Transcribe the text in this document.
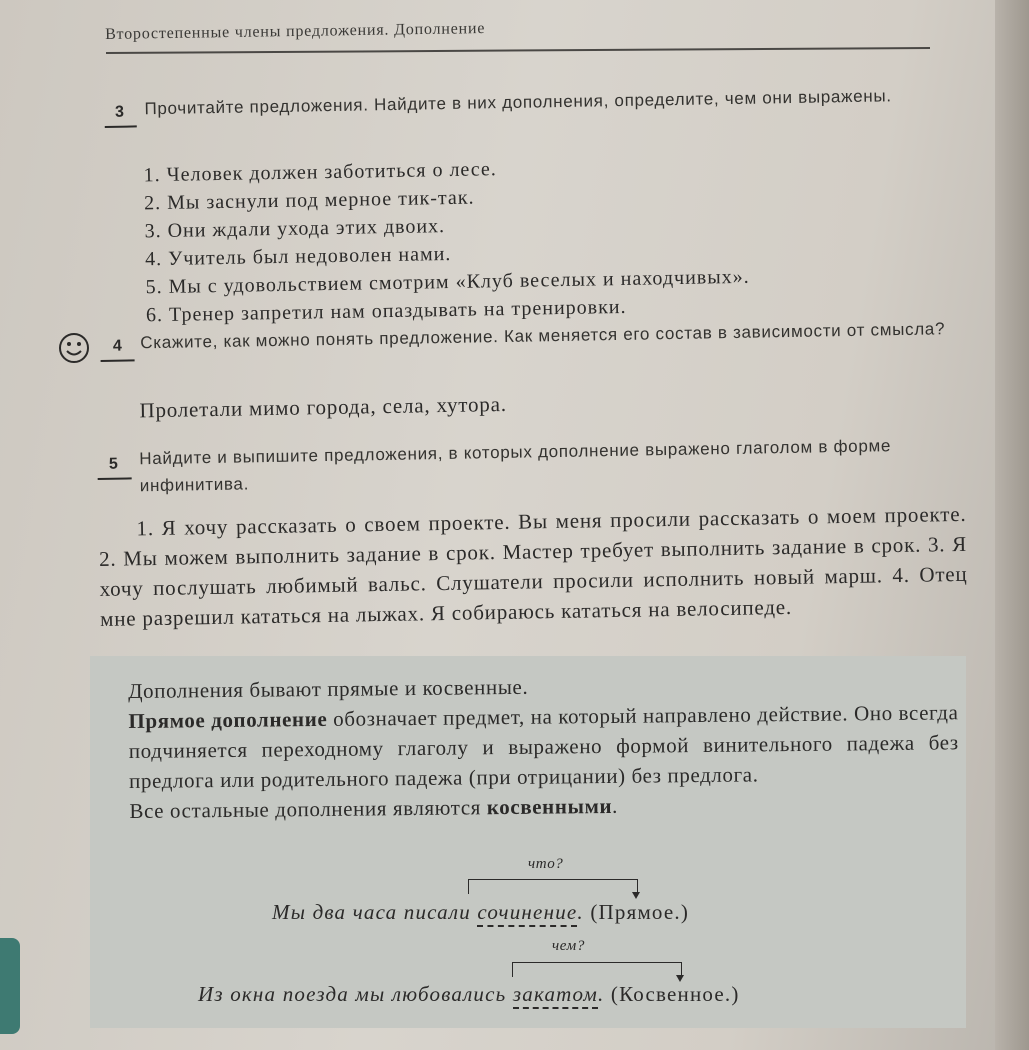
Второстепенные члены предложения. Дополнение
3	Прочитайте предложения. Найдите в них дополнения, определите, чем они выражены.
1. Человек должен заботиться о лесе.
2. Мы заснули под мерное тик-так.
3. Они ждали ухода этих двоих.
4. Учитель был недоволен нами.
5. Мы с удовольствием смотрим «Клуб веселых и находчивых».
6. Тренер запретил нам опаздывать на тренировки.
4	Скажите, как можно понять предложение. Как меняется его состав в зависимости от смысла?
Пролетали мимо города, села, хутора.
5	Найдите и выпишите предложения, в которых дополнение выражено глаголом в форме инфинитива.
1. Я хочу рассказать о своем проекте. Вы меня просили рассказать о моем проекте. 2. Мы можем выполнить задание в срок. Мастер требует выполнить задание в срок. 3. Я хочу послушать любимый вальс. Слушатели просили исполнить новый марш. 4. Отец мне разрешил кататься на лыжах. Я собираюсь кататься на велосипеде.

Дополнения бывают прямые и косвенные.

Прямое дополнение обозначает предмет, на который направлено действие. Оно всегда подчиняется переходному глаголу и выражено формой винительного падежа без предлога или родительного падежа (при отрицании) без предлога.

Все остальные дополнения являются косвенными.

что?
Мы два часа писали сочинение. (Прямое.)
чем?
Из окна поезда мы любовались закатом. (Косвенное.)
